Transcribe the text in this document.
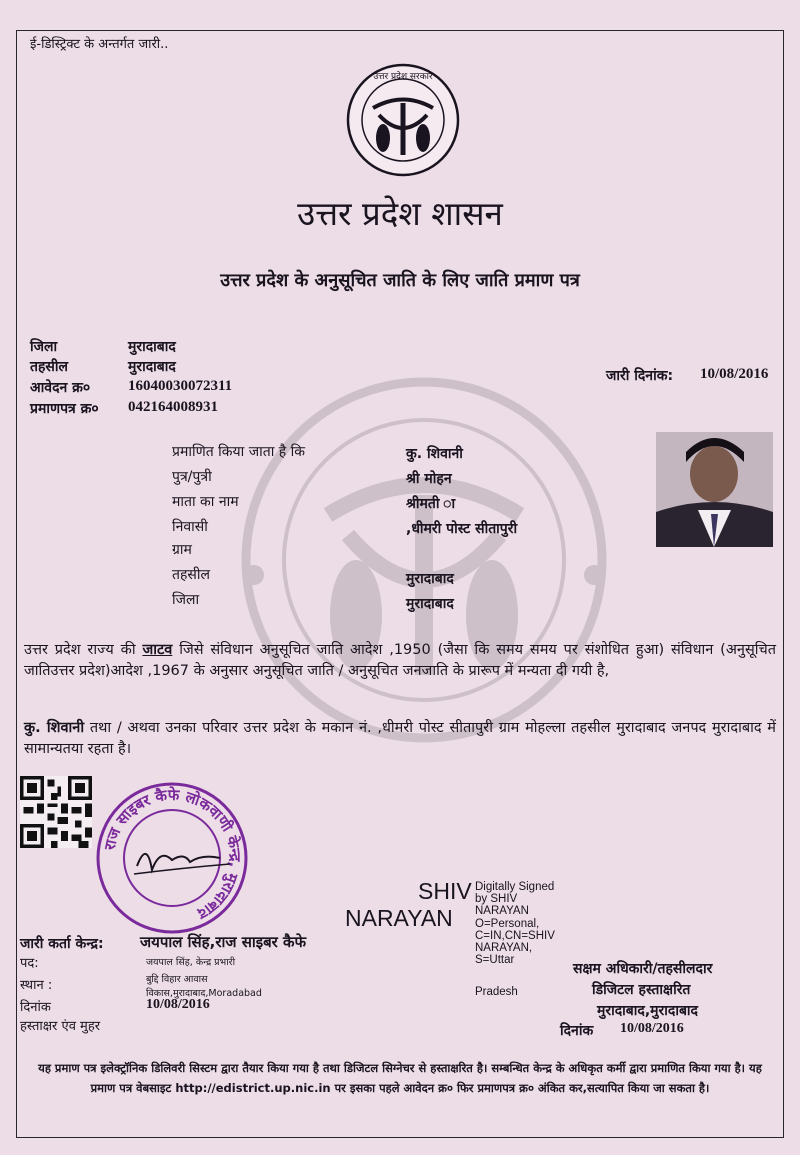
ई-डिस्ट्रिक्ट के अन्तर्गत जारी..
उत्तर प्रदेश सरकार
उत्तर प्रदेश शासन
उत्तर प्रदेश के अनुसूचित जाति के लिए जाति प्रमाण पत्र
जिला	मुरादाबाद
तहसील	मुरादाबाद
आवेदन क्र०	16040030072311
प्रमाणपत्र क्र० 042164008931
जारी दिनांक: 10/08/2016
प्रमाणित किया जाता है कि	कु. शिवानी
पुत्र/पुत्री	श्री मोहन
माता का नाम	श्रीमती ा
निवासी	,धीमरी पोस्ट सीतापुरी
ग्राम
तहसील	मुरादाबाद
जिला	मुरादाबाद
उत्तर प्रदेश राज्य की जाटव जिसे संविधान अनुसूचित जाति आदेश ,1950 (जैसा कि समय समय पर संशोधित हुआ) संविधान (अनुसूचित जातिउत्तर प्रदेश)आदेश ,1967 के अनुसार अनुसूचित जाति / अनुसूचित जनजाति के प्रारूप में मन्यता दी गयी है,
कु. शिवानी तथा / अथवा उनका परिवार उत्तर प्रदेश के मकान नं. ,धीमरी पोस्ट सीतापुरी ग्राम मोहल्ला तहसील मुरादाबाद जनपद मुरादाबाद में सामान्यतया रहता है।
राज साइबर कैफे लोकवाणी केन्द्र, मुरादाबाद
SHIV
NARAYAN
Digitally Signed
by SHIV
NARAYAN
O=Personal,
C=IN,CN=SHIV
NARAYAN,
S=Uttar
Pradesh
जारी कर्ता केन्द्र: जयपाल सिंह,राज साइबर कैफे
पद:	जयपाल सिंह, केन्द्र प्रभारी
स्थान :	बुद्दि विहार आवास
विकास,मुरादाबाद,Moradabad
दिनांक	10/08/2016
हस्ताक्षर एंव मुहर
सक्षम अधिकारी/तहसीलदार
डिजिटल हस्ताक्षरित
मुरादाबाद,मुरादाबाद
दिनांक 10/08/2016
यह प्रमाण पत्र इलेक्ट्रॉनिक डिलिवरी सिस्टम द्वारा तैयार किया गया है तथा डिजिटल सिग्नेचर से हस्ताक्षरित है। सम्बन्धित केन्द्र के अधिकृत कर्मी द्वारा प्रमाणित किया गया है। यह प्रमाण पत्र वेबसाइट http://edistrict.up.nic.in पर इसका पहले आवेदन क्र० फिर प्रमाणपत्र क्र० अंकित कर,सत्यापित किया जा सकता है।
